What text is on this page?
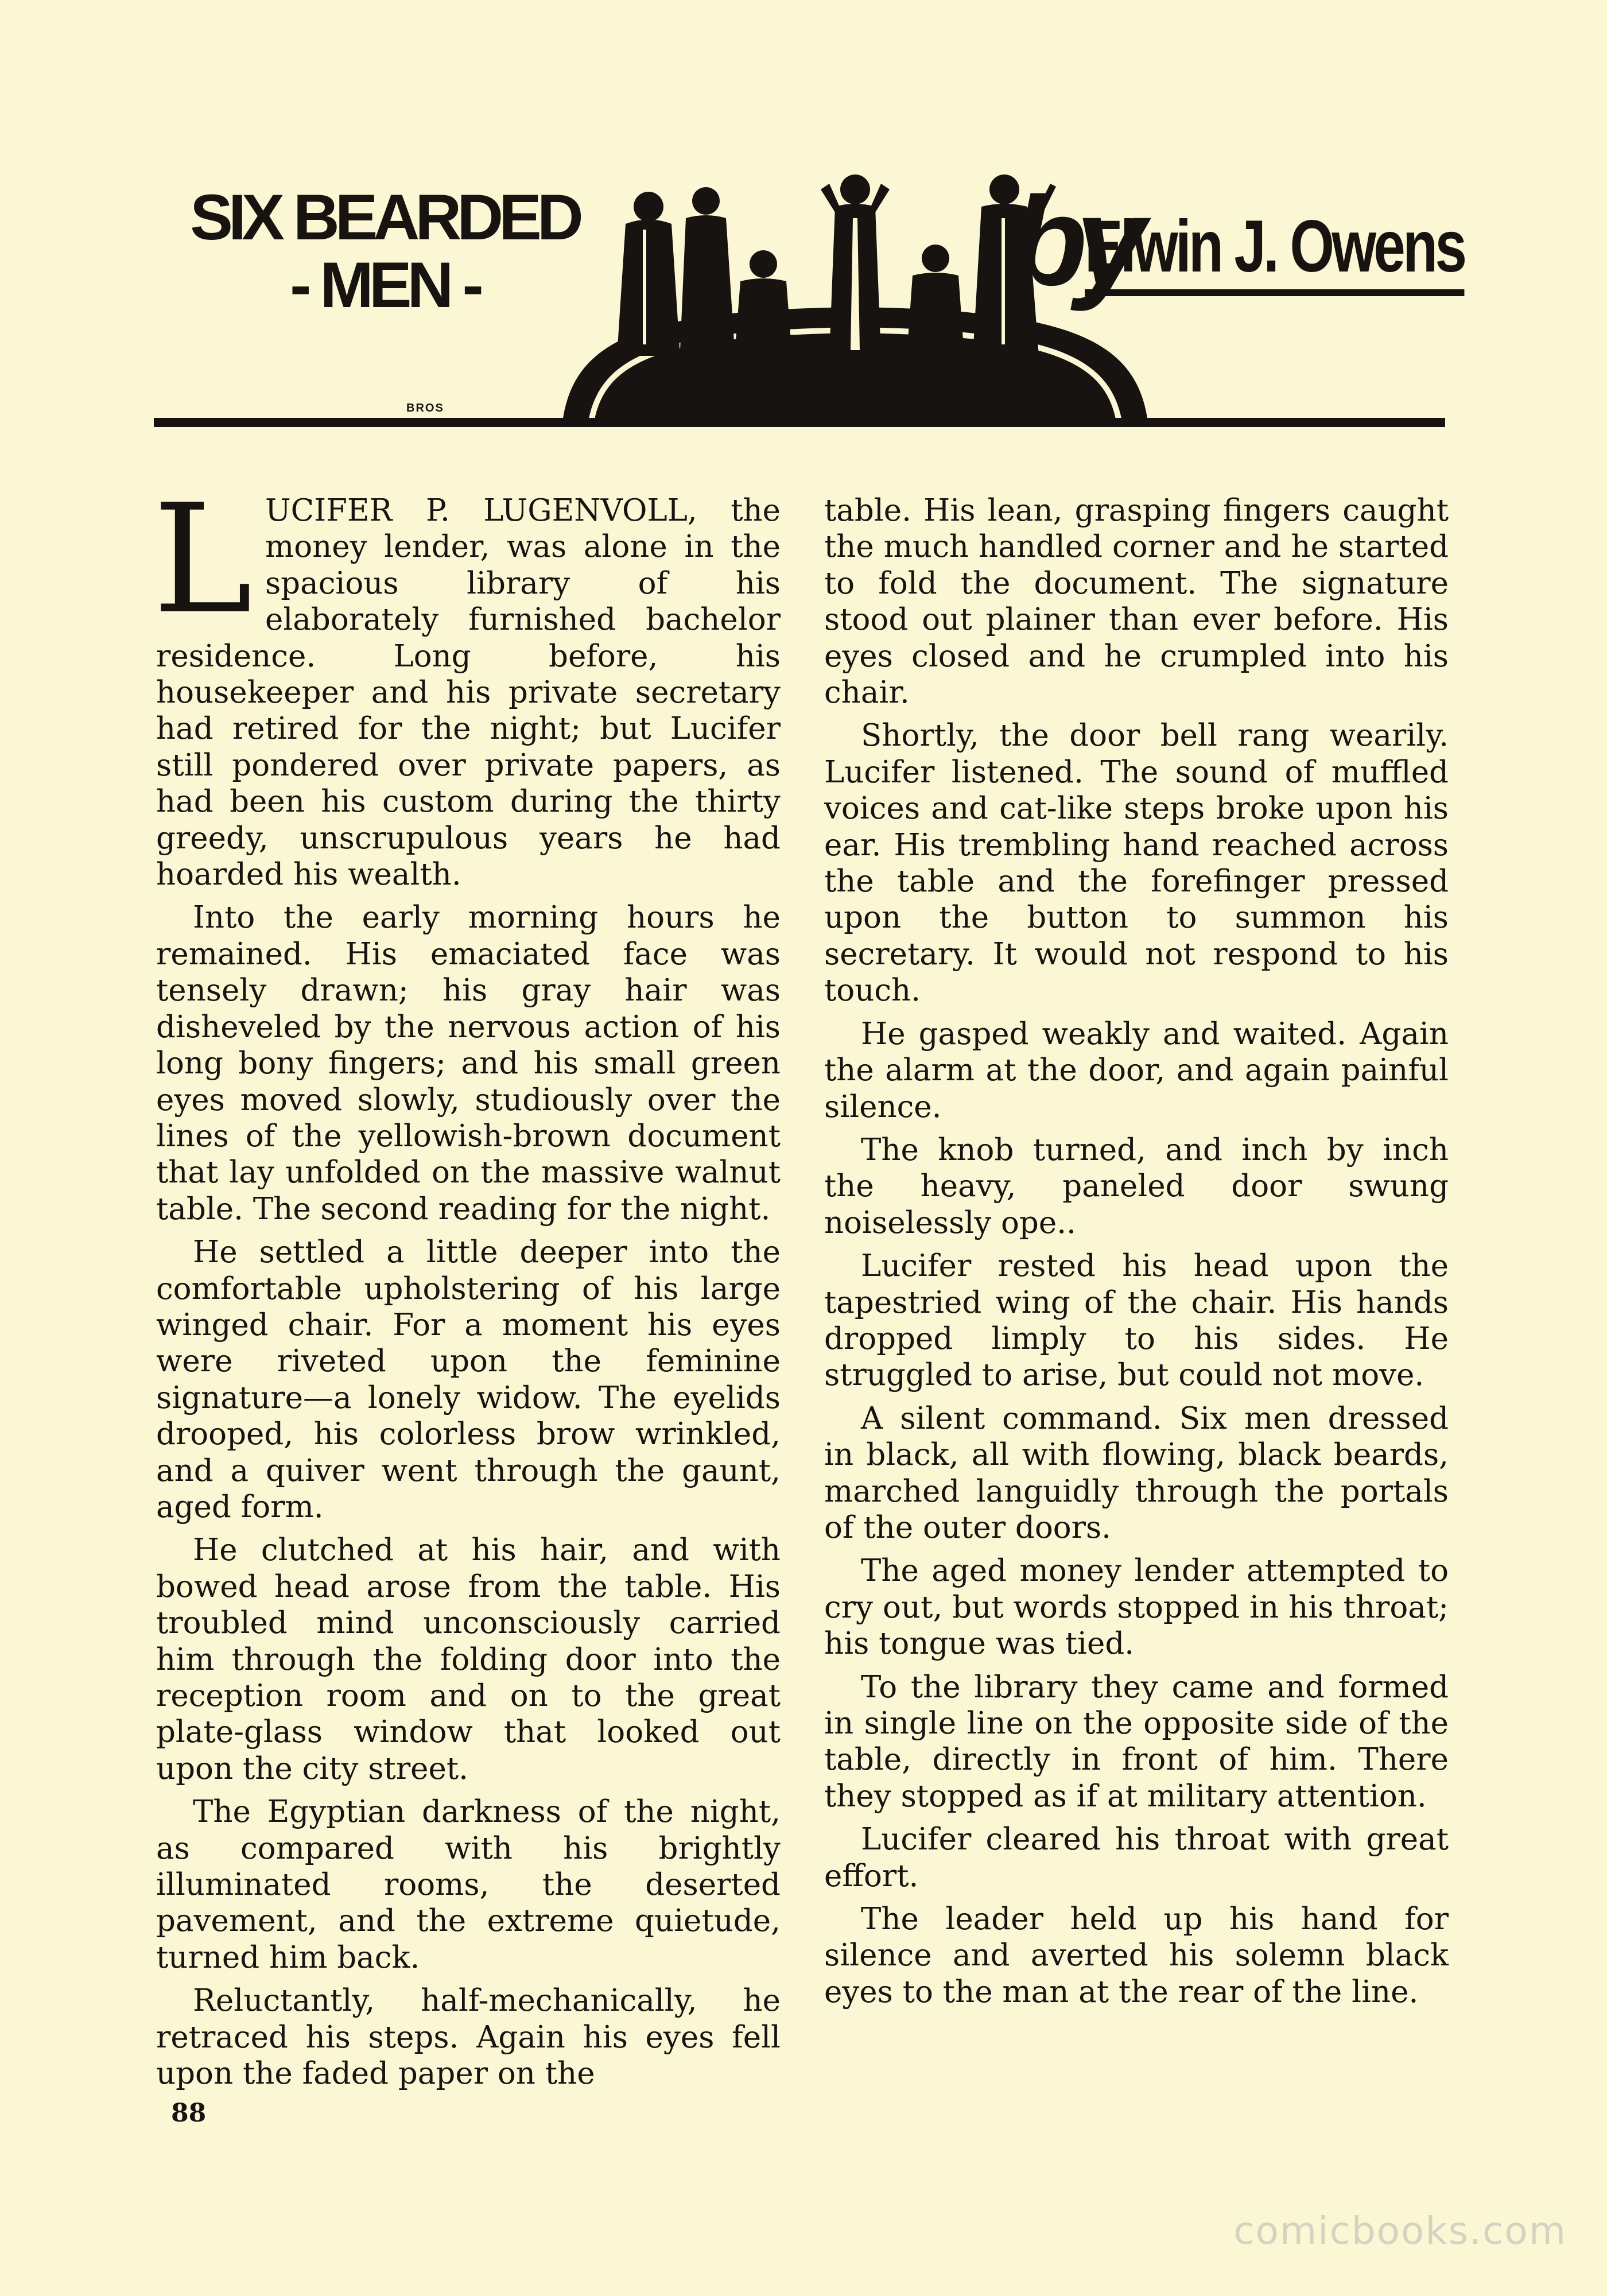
SIX BEARDED
- MEN -
BROS
by
Elwin J. Owens

LUCIFER P. LUGENVOLL, the money lender, was alone in the spacious library of his elaborately furnished bachelor residence. Long before, his housekeeper and his private secretary had retired for the night; but Lucifer still pondered over private papers, as had been his custom during the thirty greedy, unscrupulous years he had hoarded his wealth.

Into the early morning hours he remained. His emaciated face was tensely drawn; his gray hair was disheveled by the nervous action of his long bony fingers; and his small green eyes moved slowly, studiously over the lines of the yellowish-brown document that lay unfolded on the massive walnut table. The second reading for the night.

He settled a little deeper into the comfortable upholstering of his large winged chair. For a moment his eyes were riveted upon the feminine signature—a lonely widow. The eyelids drooped, his colorless brow wrinkled, and a quiver went through the gaunt, aged form.

He clutched at his hair, and with bowed head arose from the table. His troubled mind unconsciously carried him through the folding door into the reception room and on to the great plate-glass window that looked out upon the city street.

The Egyptian darkness of the night, as compared with his brightly illuminated rooms, the deserted pavement, and the extreme quietude, turned him back.

Reluctantly, half-mechanically, he retraced his steps. Again his eyes fell upon the faded paper on the

table. His lean, grasping fingers caught the much handled corner and he started to fold the document. The signature stood out plainer than ever before. His eyes closed and he crumpled into his chair.

Shortly, the door bell rang wearily. Lucifer listened. The sound of muffled voices and cat-like steps broke upon his ear. His trembling hand reached across the table and the forefinger pressed upon the button to summon his secretary. It would not respond to his touch.

He gasped weakly and waited. Again the alarm at the door, and again painful silence.

The knob turned, and inch by inch the heavy, paneled door swung noiselessly ope..

Lucifer rested his head upon the tapestried wing of the chair. His hands dropped limply to his sides. He struggled to arise, but could not move.

A silent command. Six men dressed in black, all with flowing, black beards, marched languidly through the portals of the outer doors.

The aged money lender attempted to cry out, but words stopped in his throat; his tongue was tied.

To the library they came and formed in single line on the opposite side of the table, directly in front of him. There they stopped as if at military attention.

Lucifer cleared his throat with great effort.

The leader held up his hand for silence and averted his solemn black eyes to the man at the rear of the line.

88
comicbooks.com
